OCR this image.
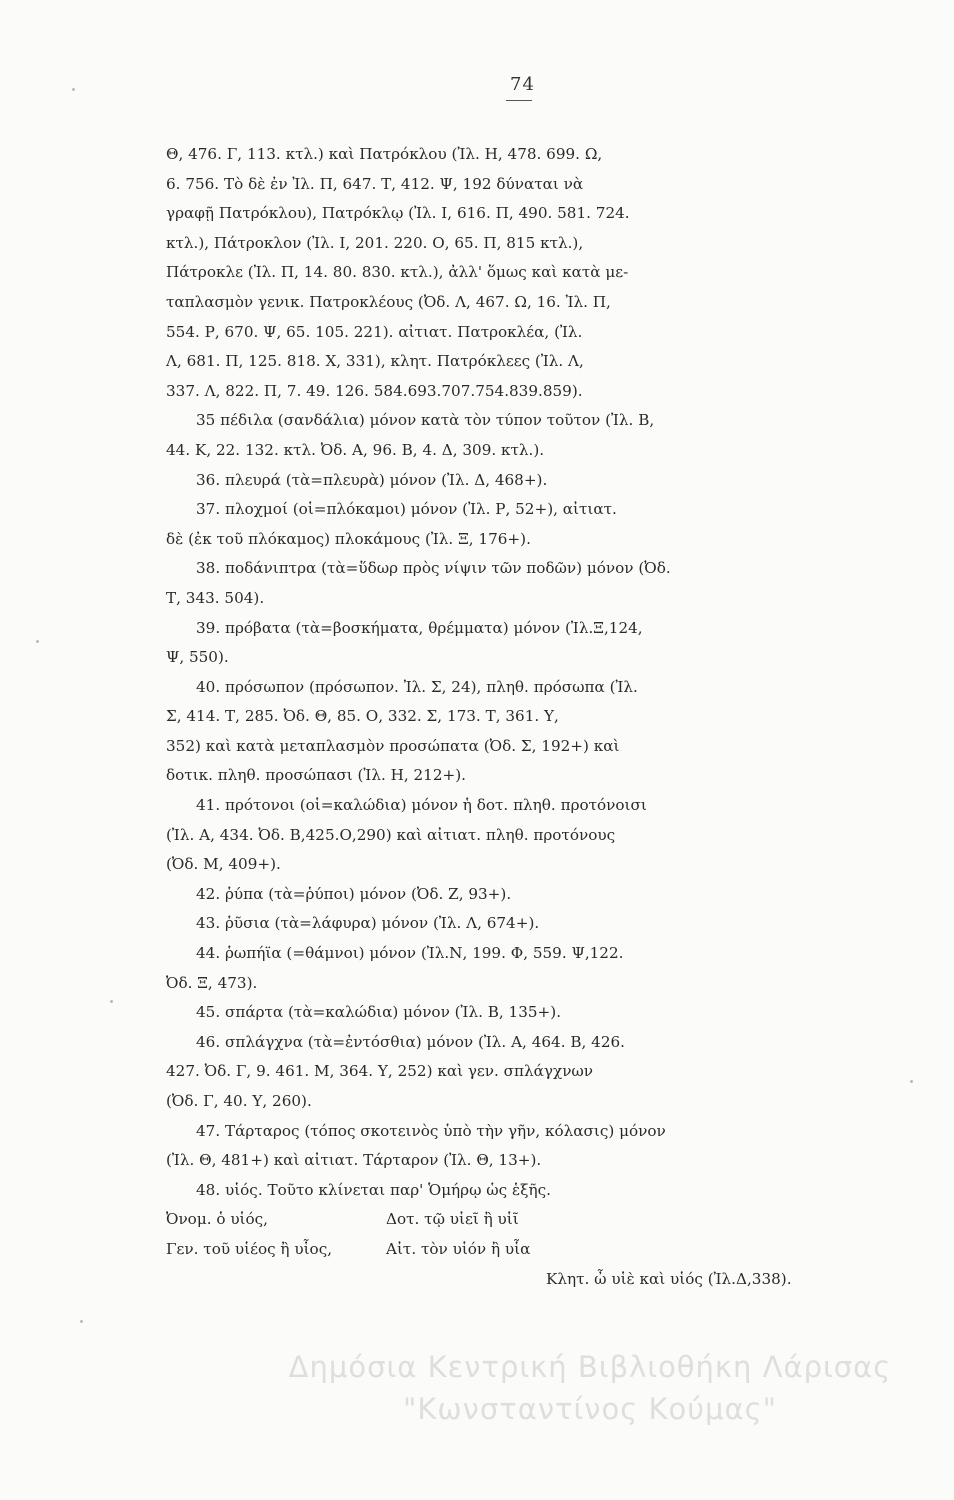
74
Θ, 476. Γ, 113. κτλ.) καὶ Πατρόκλου (Ἰλ. Η, 478. 699. Ω,
6. 756. Τὸ δὲ ἐν Ἰλ. Π, 647. Τ, 412. Ψ, 192 δύναται νὰ
γραφῇ Πατρόκλου), Πατρόκλῳ (Ἰλ. Ι, 616. Π, 490. 581. 724.
κτλ.), Πάτροκλον (Ἰλ. Ι, 201. 220. Ο, 65. Π, 815 κτλ.),
Πάτροκλε (Ἰλ. Π, 14. 80. 830. κτλ.), ἀλλ' ὅμως καὶ κατὰ με-
ταπλασμὸν γενικ. Πατροκλέους (Ὀδ. Λ, 467. Ω, 16. Ἰλ. Π,
554. Ρ, 670. Ψ, 65. 105. 221). αἰτιατ. Πατροκλέα, (Ἰλ.
Λ, 681. Π, 125. 818. Χ, 331), κλητ. Πατρόκλεες (Ἰλ. Λ,
337. Λ, 822. Π, 7. 49. 126. 584.693.707.754.839.859).
35 πέδιλα (σανδάλια) μόνον κατὰ τὸν τύπον τοῦτον (Ἰλ. Β,
44. Κ, 22. 132. κτλ. Ὀδ. Α, 96. Β, 4. Δ, 309. κτλ.).
36. πλευρά (τὰ=πλευρὰ) μόνον (Ἰλ. Δ, 468+).
37. πλοχμοί (οἱ=πλόκαμοι) μόνον (Ἰλ. Ρ, 52+), αἰτιατ.
δὲ (ἐκ τοῦ πλόκαμος) πλοκάμους (Ἰλ. Ξ, 176+).
38. ποδάνιπτρα (τὰ=ὕδωρ πρὸς νίψιν τῶν ποδῶν) μόνον (Ὀδ.
Τ, 343. 504).
39. πρόβατα (τὰ=βοσκήματα, θρέμματα) μόνον (Ἰλ.Ξ,124,
Ψ, 550).
40. πρόσωπον (πρόσωπον. Ἰλ. Σ, 24), πληθ. πρόσωπα (Ἰλ.
Σ, 414. Τ, 285. Ὀδ. Θ, 85. Ο, 332. Σ, 173. Τ, 361. Υ,
352) καὶ κατὰ μεταπλασμὸν προσώπατα (Ὀδ. Σ, 192+) καὶ
δοτικ. πληθ. προσώπασι (Ἰλ. Η, 212+).
41. πρότονοι (οἱ=καλώδια) μόνον ἡ δοτ. πληθ. προτόνοισι
(Ἰλ. Α, 434. Ὀδ. Β,425.Ο,290) καὶ αἰτιατ. πληθ. προτόνους
(Ὀδ. Μ, 409+).
42. ῥύπα (τὰ=ῥύποι) μόνον (Ὀδ. Ζ, 93+).
43. ῥῦσια (τὰ=λάφυρα) μόνον (Ἰλ. Λ, 674+).
44. ῥωπήϊα (=θάμνοι) μόνον (Ἰλ.Ν, 199. Φ, 559. Ψ,122.
Ὀδ. Ξ, 473).
45. σπάρτα (τὰ=καλώδια) μόνον (Ἰλ. Β, 135+).
46. σπλάγχνα (τὰ=ἐντόσθια) μόνον (Ἰλ. Α, 464. Β, 426.
427. Ὀδ. Γ, 9. 461. Μ, 364. Υ, 252) καὶ γεν. σπλάγχνων
(Ὀδ. Γ, 40. Υ, 260).
47. Τάρταρος (τόπος σκοτεινὸς ὑπὸ τὴν γῆν, κόλασις) μόνον
(Ἰλ. Θ, 481+) καὶ αἰτιατ. Τάρταρον (Ἰλ. Θ, 13+).
48. υἱός. Τοῦτο κλίνεται παρ' Ὁμήρῳ ὡς ἑξῆς.
Ὀνομ. ὁ υἱός,	Δοτ. τῷ υἱεῖ ἢ υἱῖ
Γεν. τοῦ υἱέος ἢ υἷος,	Αἰτ. τὸν υἱόν ἢ υἷα
Κλητ. ὦ υἱὲ καὶ υἱός (Ἰλ.Δ,338).
Δημόσια Κεντρική Βιβλιοθήκη Λάρισας
"Κωνσταντίνος Κούμας"
